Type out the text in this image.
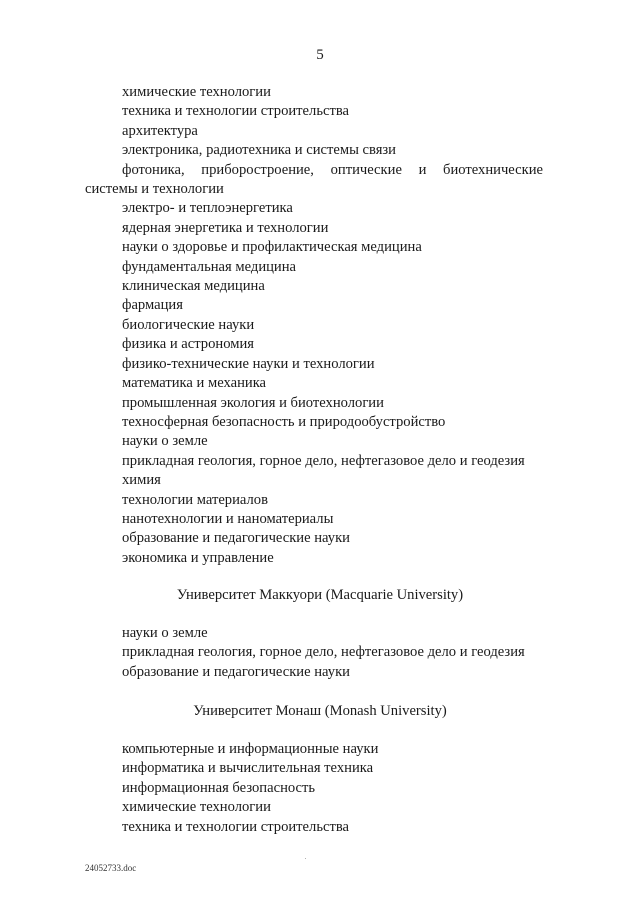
5
химические технологии
техника и технологии строительства
архитектура
электроника, радиотехника и системы связи
фотоника, приборостроение, оптические и биотехнические системы и технологии
электро- и теплоэнергетика
ядерная энергетика и технологии
науки о здоровье и профилактическая медицина
фундаментальная медицина
клиническая медицина
фармация
биологические науки
физика и астрономия
физико-технические науки и технологии
математика и механика
промышленная экология и биотехнологии
техносферная безопасность и природообустройство
науки о земле
прикладная геология, горное дело, нефтегазовое дело и геодезия
химия
технологии материалов
нанотехнологии и наноматериалы
образование и педагогические науки
экономика и управление
Университет Маккуори (Macquarie University)
науки о земле
прикладная геология, горное дело, нефтегазовое дело и геодезия
образование и педагогические науки
Университет Монаш (Monash University)
компьютерные и информационные науки
информатика и вычислительная техника
информационная безопасность
химические технологии
техника и технологии строительства
24052733.doc
